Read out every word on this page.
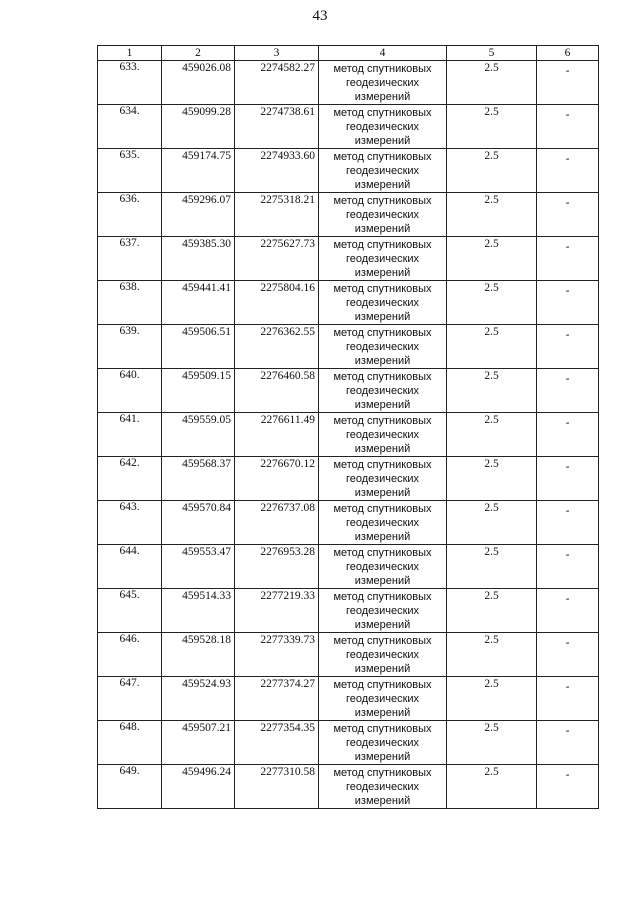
43
1	2	3	4	5	6
633.	459026.08	2274582.27	метод спутниковых геодезических измерений	2.5	-
634.	459099.28	2274738.61	метод спутниковых геодезических измерений	2.5	-
635.	459174.75	2274933.60	метод спутниковых геодезических измерений	2.5	-
636.	459296.07	2275318.21	метод спутниковых геодезических измерений	2.5	-
637.	459385.30	2275627.73	метод спутниковых геодезических измерений	2.5	-
638.	459441.41	2275804.16	метод спутниковых геодезических измерений	2.5	-
639.	459506.51	2276362.55	метод спутниковых геодезических измерений	2.5	-
640.	459509.15	2276460.58	метод спутниковых геодезических измерений	2.5	-
641.	459559.05	2276611.49	метод спутниковых геодезических измерений	2.5	-
642.	459568.37	2276670.12	метод спутниковых геодезических измерений	2.5	-
643.	459570.84	2276737.08	метод спутниковых геодезических измерений	2.5	-
644.	459553.47	2276953.28	метод спутниковых геодезических измерений	2.5	-
645.	459514.33	2277219.33	метод спутниковых геодезических измерений	2.5	-
646.	459528.18	2277339.73	метод спутниковых геодезических измерений	2.5	-
647.	459524.93	2277374.27	метод спутниковых геодезических измерений	2.5	-
648.	459507.21	2277354.35	метод спутниковых геодезических измерений	2.5	-
649.	459496.24	2277310.58	метод спутниковых геодезических измерений	2.5	-
